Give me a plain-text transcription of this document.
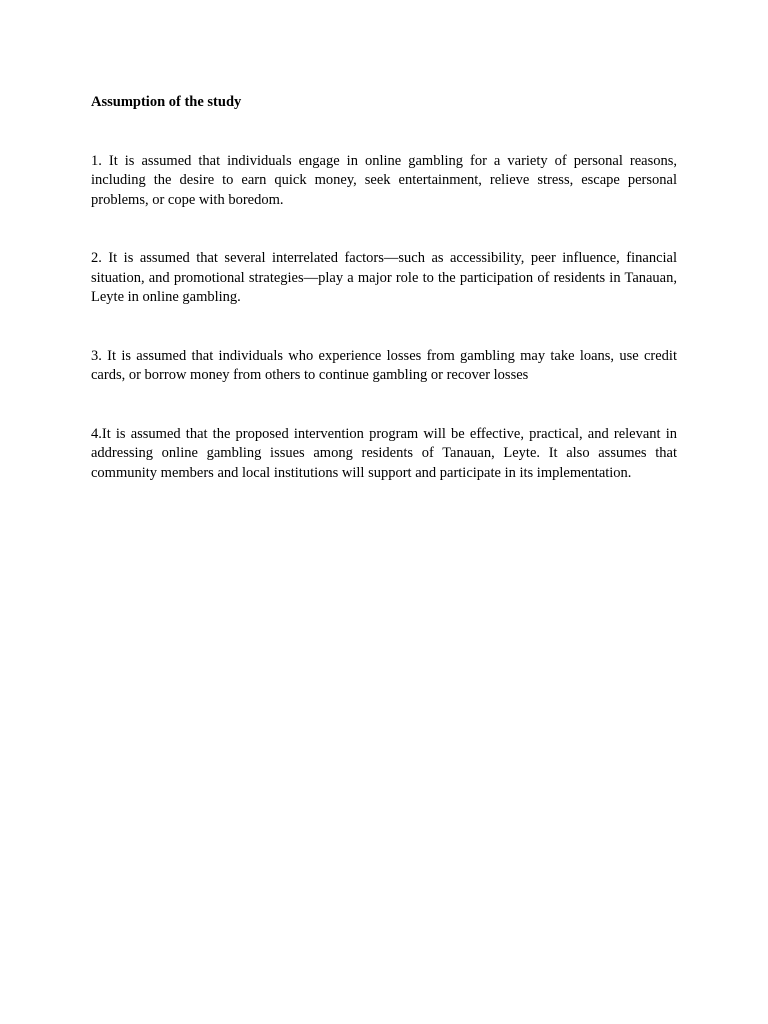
Assumption of the study

1. It is assumed that individuals engage in online gambling for a variety of personal reasons, including the desire to earn quick money, seek entertainment, relieve stress, escape personal problems, or cope with boredom.

2. It is assumed that several interrelated factors—such as accessibility, peer influence, financial situation, and promotional strategies—play a major role to the participation of residents in Tanauan, Leyte in online gambling.

3. It is assumed that individuals who experience losses from gambling may take loans, use credit cards, or borrow money from others to continue gambling or recover losses

4.It is assumed that the proposed intervention program will be effective, practical, and relevant in addressing online gambling issues among residents of Tanauan, Leyte. It also assumes that community members and local institutions will support and participate in its implementation.
